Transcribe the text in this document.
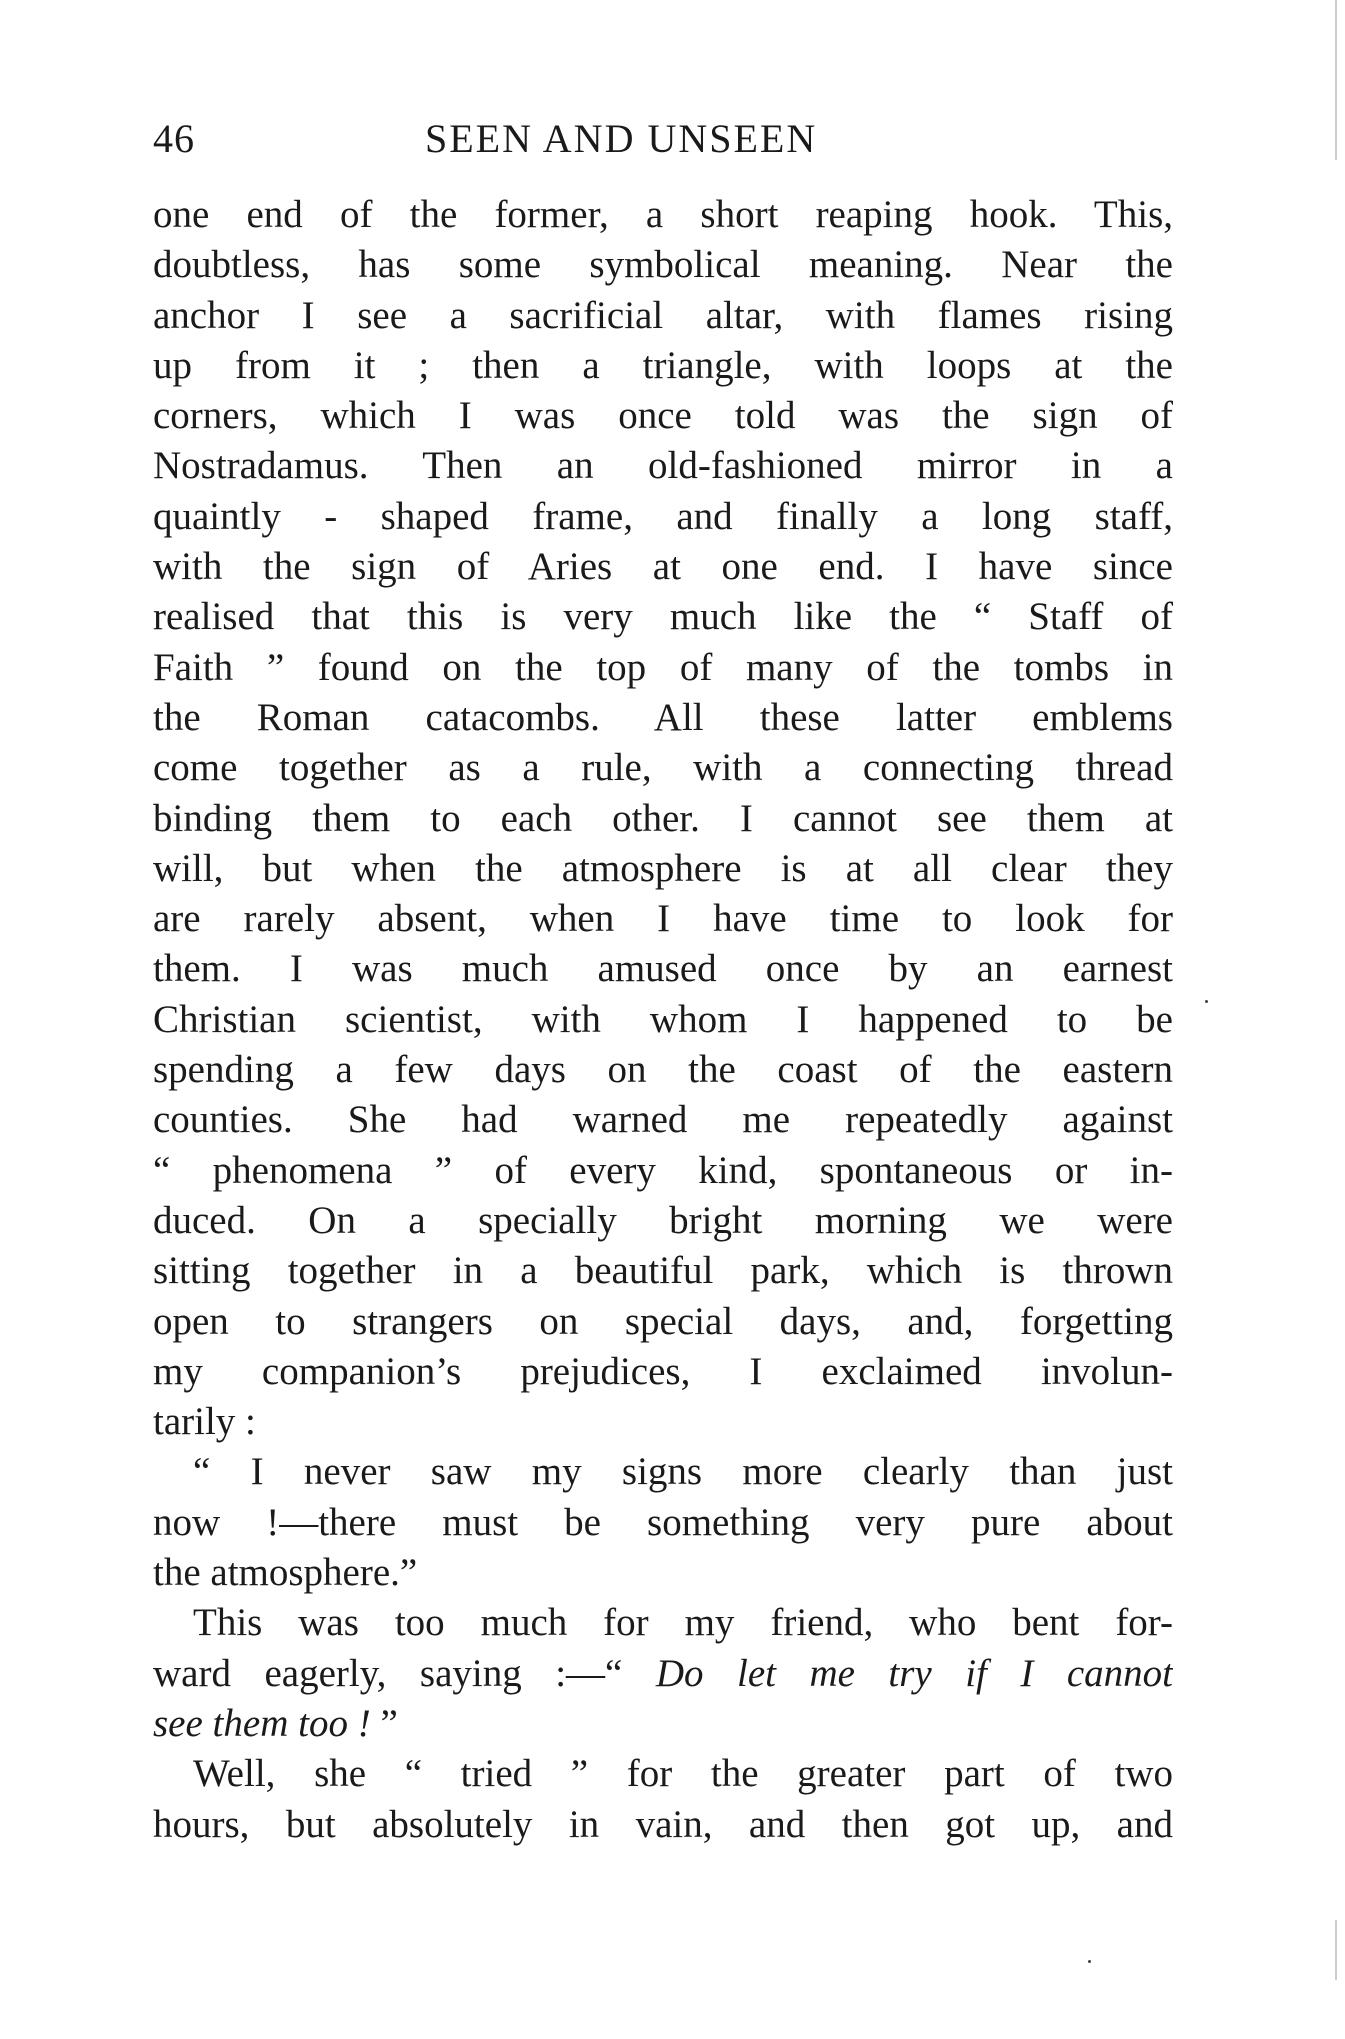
46	SEEN AND UNSEEN
one end of the former, a short reaping hook. This,
doubtless, has some symbolical meaning. Near the
anchor I see a sacrificial altar, with flames rising
up from it ; then a triangle, with loops at the
corners, which I was once told was the sign of
Nostradamus. Then an old-fashioned mirror in a
quaintly - shaped frame, and finally a long staff,
with the sign of Aries at one end. I have since
realised that this is very much like the “ Staff of
Faith ” found on the top of many of the tombs in
the Roman catacombs. All these latter emblems
come together as a rule, with a connecting thread
binding them to each other. I cannot see them at
will, but when the atmosphere is at all clear they
are rarely absent, when I have time to look for
them. I was much amused once by an earnest
Christian scientist, with whom I happened to be
spending a few days on the coast of the eastern
counties. She had warned me repeatedly against
“ phenomena ” of every kind, spontaneous or in-
duced. On a specially bright morning we were
sitting together in a beautiful park, which is thrown
open to strangers on special days, and, forgetting
my companion’s prejudices, I exclaimed involun-
tarily :
“ I never saw my signs more clearly than just
now !—there must be something very pure about
the atmosphere.”
This was too much for my friend, who bent for-
ward eagerly, saying :—“ Do let me try if I cannot
see them too ! ”
Well, she “ tried ” for the greater part of two
hours, but absolutely in vain, and then got up, and
